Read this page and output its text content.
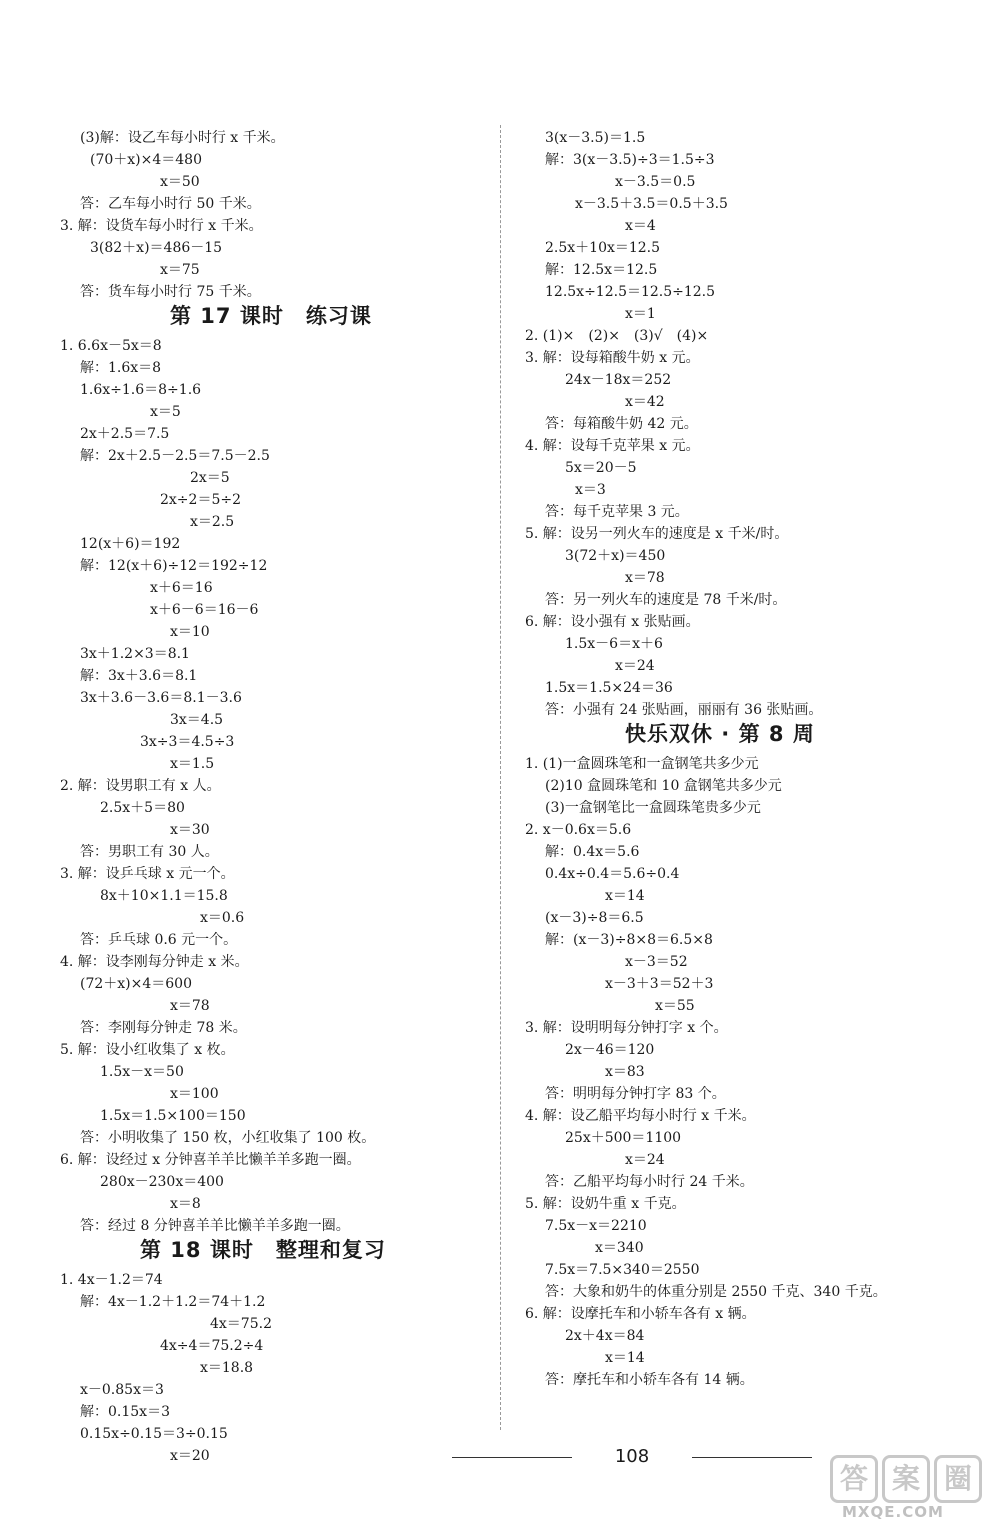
(3)解：设乙车每小时行 x 千米。
(70＋x)×4＝480
x＝50
答：乙车每小时行 50 千米。
3. 解：设货车每小时行 x 千米。
3(82＋x)＝486－15
x＝75
答：货车每小时行 75 千米。
第 17 课时　练习课
1. 6.6x－5x＝8
解：1.6x＝8
1.6x÷1.6＝8÷1.6
x＝5
2x＋2.5＝7.5
解：2x＋2.5－2.5＝7.5－2.5
2x＝5
2x÷2＝5÷2
x＝2.5
12(x＋6)＝192
解：12(x＋6)÷12＝192÷12
x＋6＝16
x＋6－6＝16－6
x＝10
3x＋1.2×3＝8.1
解：3x＋3.6＝8.1
3x＋3.6－3.6＝8.1－3.6
3x＝4.5
3x÷3＝4.5÷3
x＝1.5
2. 解：设男职工有 x 人。
2.5x＋5＝80
x＝30
答：男职工有 30 人。
3. 解：设乒乓球 x 元一个。
8x＋10×1.1＝15.8
x＝0.6
答：乒乓球 0.6 元一个。
4. 解：设李刚每分钟走 x 米。
(72＋x)×4＝600
x＝78
答：李刚每分钟走 78 米。
5. 解：设小红收集了 x 枚。
1.5x－x＝50
x＝100
1.5x＝1.5×100＝150
答：小明收集了 150 枚，小红收集了 100 枚。
6. 解：设经过 x 分钟喜羊羊比懒羊羊多跑一圈。
280x－230x＝400
x＝8
答：经过 8 分钟喜羊羊比懒羊羊多跑一圈。
第 18 课时　整理和复习
1. 4x－1.2＝74
解：4x－1.2＋1.2＝74＋1.2
4x＝75.2
4x÷4＝75.2÷4
x＝18.8
x－0.85x＝3
解：0.15x＝3
0.15x÷0.15＝3÷0.15
x＝20
3(x－3.5)＝1.5
解：3(x－3.5)÷3＝1.5÷3
x－3.5＝0.5
x－3.5＋3.5＝0.5＋3.5
x＝4
2.5x＋10x＝12.5
解：12.5x＝12.5
12.5x÷12.5＝12.5÷12.5
x＝1
2. (1)×　(2)×　(3)√　(4)×
3. 解：设每箱酸牛奶 x 元。
24x－18x＝252
x＝42
答：每箱酸牛奶 42 元。
4. 解：设每千克苹果 x 元。
5x＝20－5
x＝3
答：每千克苹果 3 元。
5. 解：设另一列火车的速度是 x 千米/时。
3(72＋x)＝450
x＝78
答：另一列火车的速度是 78 千米/时。
6. 解：设小强有 x 张贴画。
1.5x－6＝x＋6
x＝24
1.5x＝1.5×24＝36
答：小强有 24 张贴画，丽丽有 36 张贴画。
快乐双休 · 第 8 周
1. (1)一盒圆珠笔和一盒钢笔共多少元
(2)10 盒圆珠笔和 10 盒钢笔共多少元
(3)一盒钢笔比一盒圆珠笔贵多少元
2. x－0.6x＝5.6
解：0.4x＝5.6
0.4x÷0.4＝5.6÷0.4
x＝14
(x－3)÷8＝6.5
解：(x－3)÷8×8＝6.5×8
x－3＝52
x－3＋3＝52＋3
x＝55
3. 解：设明明每分钟打字 x 个。
2x－46＝120
x＝83
答：明明每分钟打字 83 个。
4. 解：设乙船平均每小时行 x 千米。
25x＋500＝1100
x＝24
答：乙船平均每小时行 24 千米。
5. 解：设奶牛重 x 千克。
7.5x－x＝2210
x＝340
7.5x＝7.5×340＝2550
答：大象和奶牛的体重分别是 2550 千克、340 千克。
6. 解：设摩托车和小轿车各有 x 辆。
2x＋4x＝84
x＝14
答：摩托车和小轿车各有 14 辆。
108
答 案 圈
MXQE.COM
